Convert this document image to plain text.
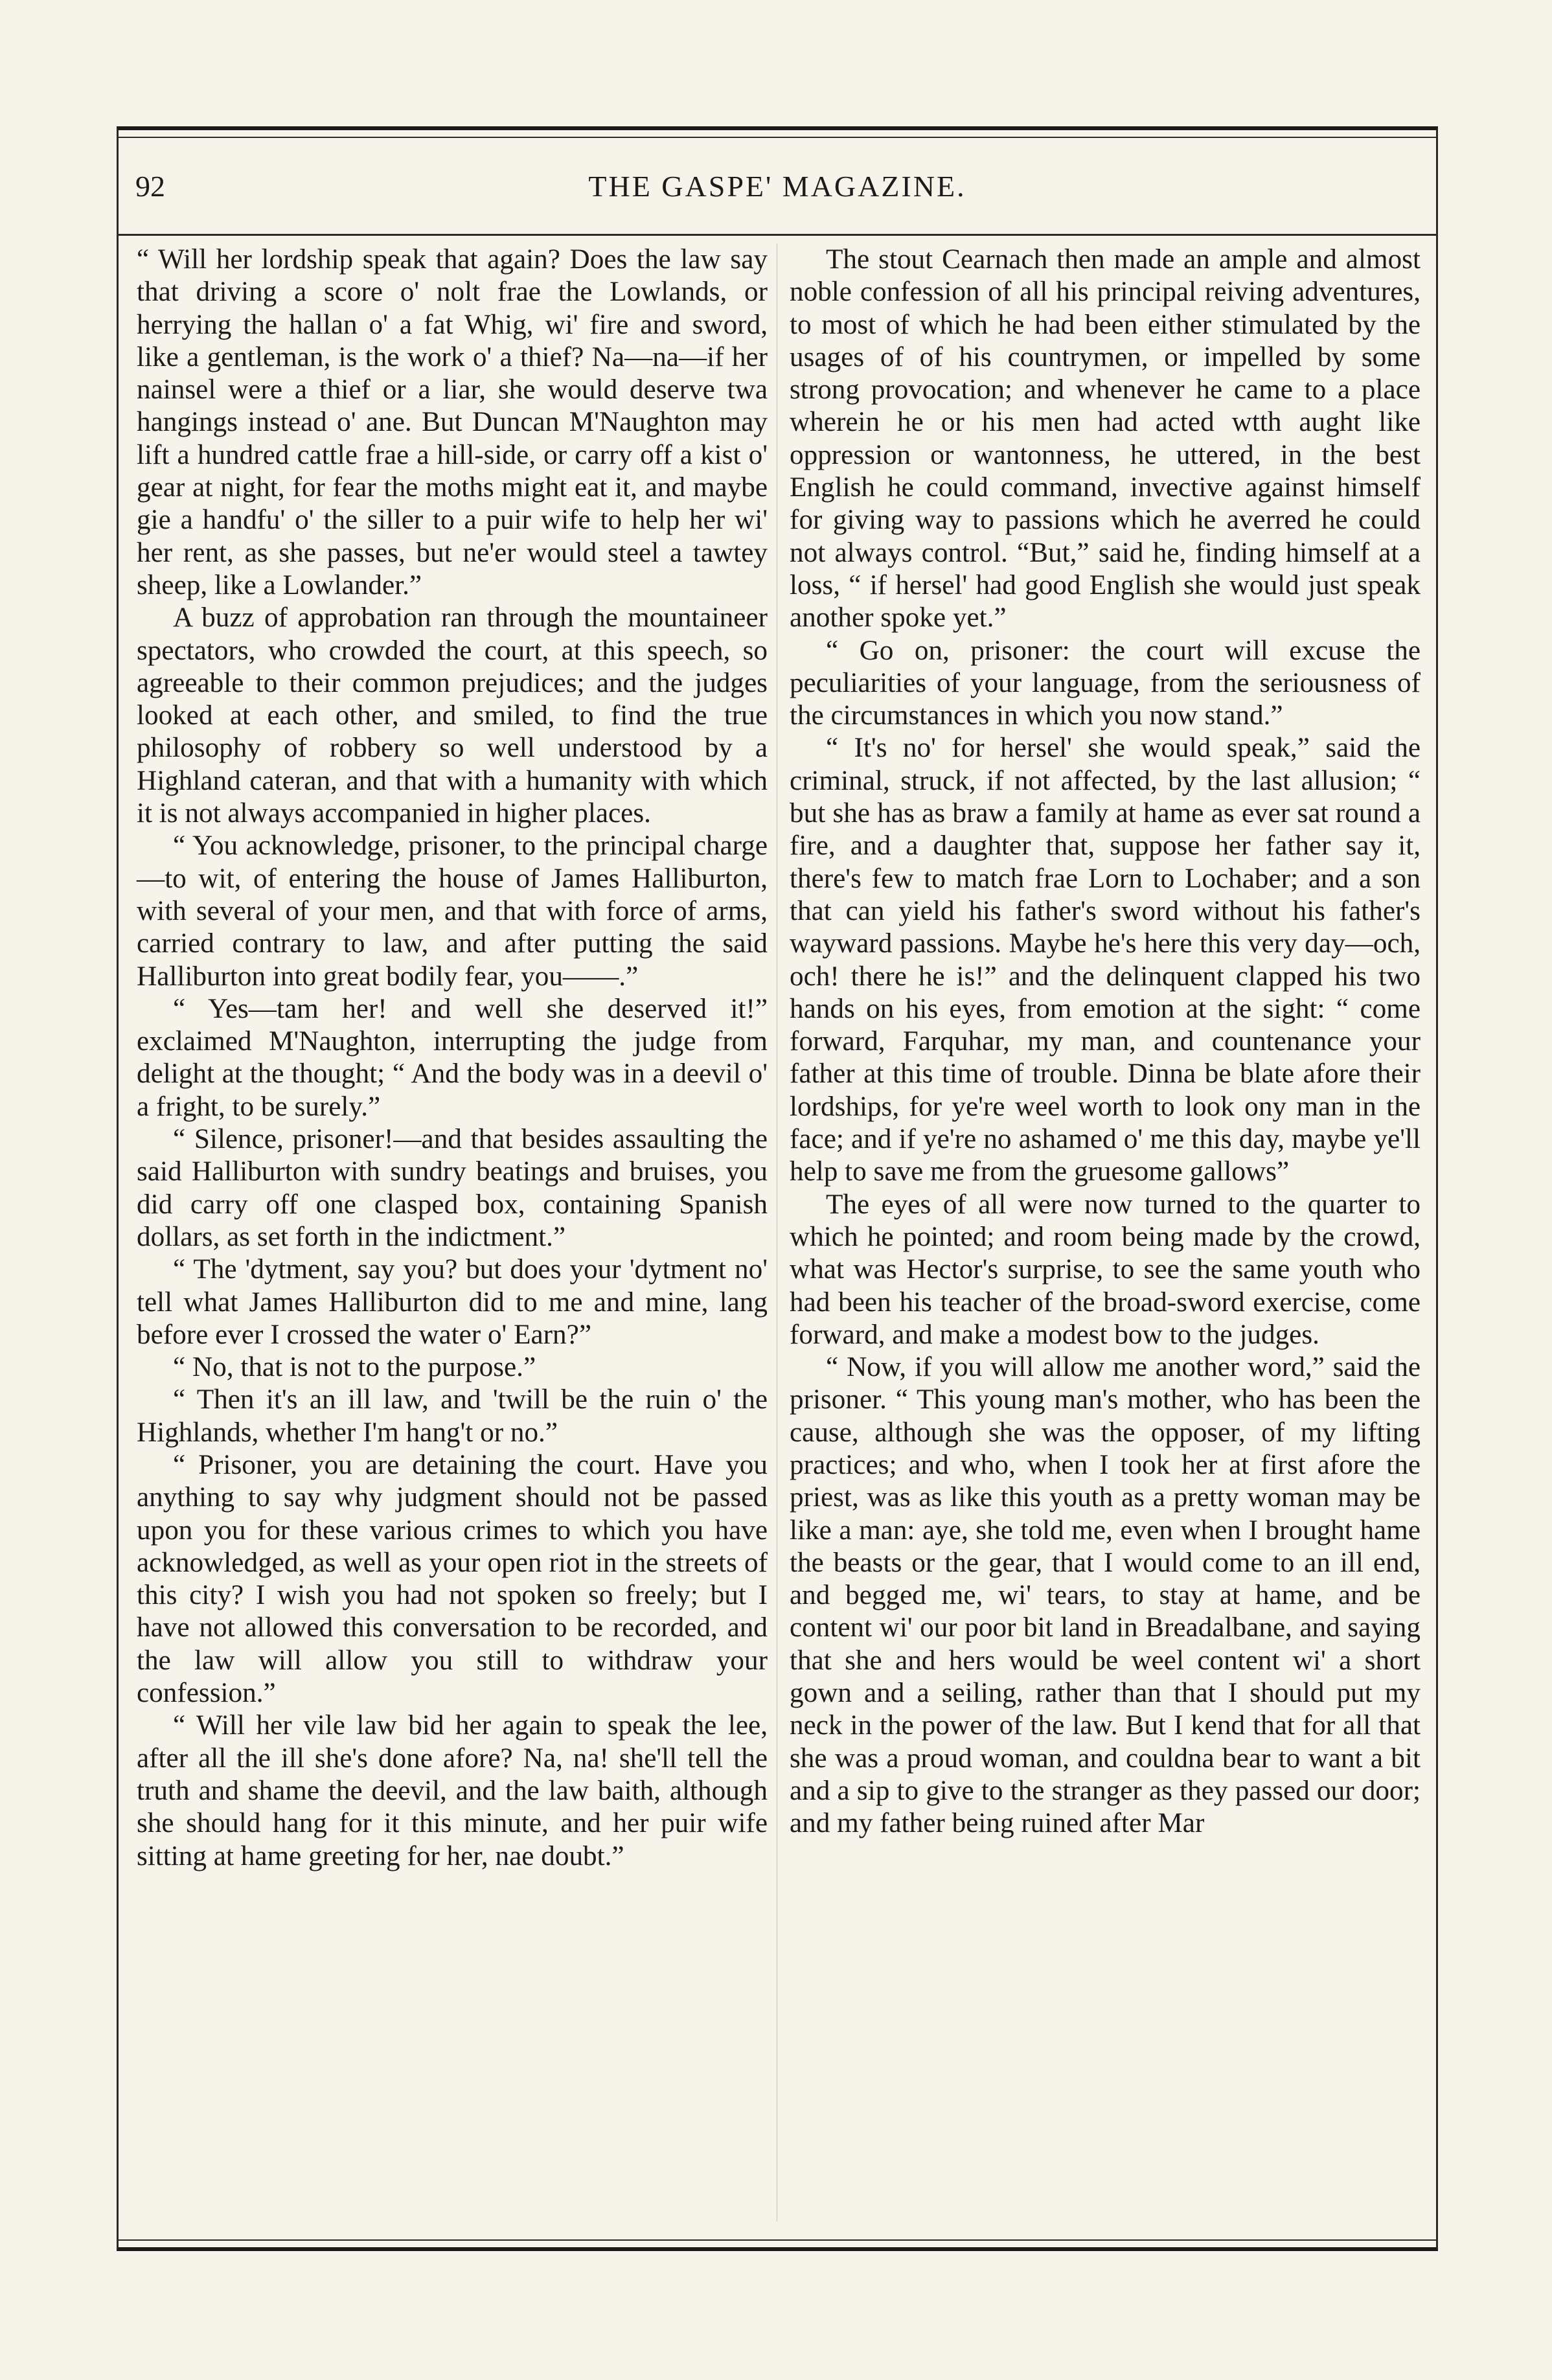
92	THE GASPE' MAGAZINE.

“ Will her lordship speak that again? Does the law say that driving a score o' nolt frae the Lowlands, or herrying the hallan o' a fat Whig, wi' fire and sword, like a gentleman, is the work o' a thief? Na—na—if her nainsel were a thief or a liar, she would deserve twa hangings instead o' ane. But Duncan M'Naughton may lift a hundred cattle frae a hill-side, or carry off a kist o' gear at night, for fear the moths might eat it, and maybe gie a handfu' o' the siller to a puir wife to help her wi' her rent, as she passes, but ne'er would steel a tawtey sheep, like a Lowlander.”

A buzz of approbation ran through the mountaineer spectators, who crowded the court, at this speech, so agreeable to their common prejudices; and the judges looked at each other, and smiled, to find the true philosophy of robbery so well understood by a Highland cateran, and that with a humanity with which it is not always accompanied in higher places.

“ You acknowledge, prisoner, to the principal charge—to wit, of entering the house of James Halliburton, with several of your men, and that with force of arms, carried contrary to law, and after putting the said Halliburton into great bodily fear, you——.”

“ Yes—tam her! and well she deserved it!” exclaimed M'Naughton, interrupting the judge from delight at the thought; “ And the body was in a deevil o' a fright, to be surely.”

“ Silence, prisoner!—and that besides assaulting the said Halliburton with sundry beatings and bruises, you did carry off one clasped box, containing Spanish dollars, as set forth in the indictment.”

“ The 'dytment, say you? but does your 'dytment no' tell what James Halliburton did to me and mine, lang before ever I crossed the water o' Earn?”

“ No, that is not to the purpose.”

“ Then it's an ill law, and 'twill be the ruin o' the Highlands, whether I'm hang't or no.”

“ Prisoner, you are detaining the court. Have you anything to say why judgment should not be passed upon you for these various crimes to which you have acknowledged, as well as your open riot in the streets of this city? I wish you had not spoken so freely; but I have not allowed this conversation to be recorded, and the law will allow you still to withdraw your confession.”

“ Will her vile law bid her again to speak the lee, after all the ill she's done afore? Na, na! she'll tell the truth and shame the deevil, and the law baith, although she should hang for it this minute, and her puir wife sitting at hame greeting for her, nae doubt.”

The stout Cearnach then made an ample and almost noble confession of all his principal reiving adventures, to most of which he had been either stimulated by the usages of of his countrymen, or impelled by some strong provocation; and whenever he came to a place wherein he or his men had acted wtth aught like oppression or wantonness, he uttered, in the best English he could command, invective against himself for giving way to passions which he averred he could not always control. “But,” said he, finding himself at a loss, “ if hersel' had good English she would just speak another spoke yet.”

“ Go on, prisoner: the court will excuse the peculiarities of your language, from the seriousness of the circumstances in which you now stand.”

“ It's no' for hersel' she would speak,” said the criminal, struck, if not affected, by the last allusion; “ but she has as braw a family at hame as ever sat round a fire, and a daughter that, suppose her father say it, there's few to match frae Lorn to Lochaber; and a son that can yield his father's sword without his father's wayward passions. Maybe he's here this very day—och, och! there he is!” and the delinquent clapped his two hands on his eyes, from emotion at the sight: “ come forward, Farquhar, my man, and countenance your father at this time of trouble. Dinna be blate afore their lordships, for ye're weel worth to look ony man in the face; and if ye're no ashamed o' me this day, maybe ye'll help to save me from the gruesome gallows”

The eyes of all were now turned to the quarter to which he pointed; and room being made by the crowd, what was Hector's surprise, to see the same youth who had been his teacher of the broad-sword exercise, come forward, and make a modest bow to the judges.

“ Now, if you will allow me another word,” said the prisoner. “ This young man's mother, who has been the cause, although she was the opposer, of my lifting practices; and who, when I took her at first afore the priest, was as like this youth as a pretty woman may be like a man: aye, she told me, even when I brought hame the beasts or the gear, that I would come to an ill end, and begged me, wi' tears, to stay at hame, and be content wi' our poor bit land in Breadalbane, and saying that she and hers would be weel content wi' a short gown and a seiling, rather than that I should put my neck in the power of the law. But I kend that for all that she was a proud woman, and couldna bear to want a bit and a sip to give to the stranger as they passed our door; and my father being ruined after Mar
